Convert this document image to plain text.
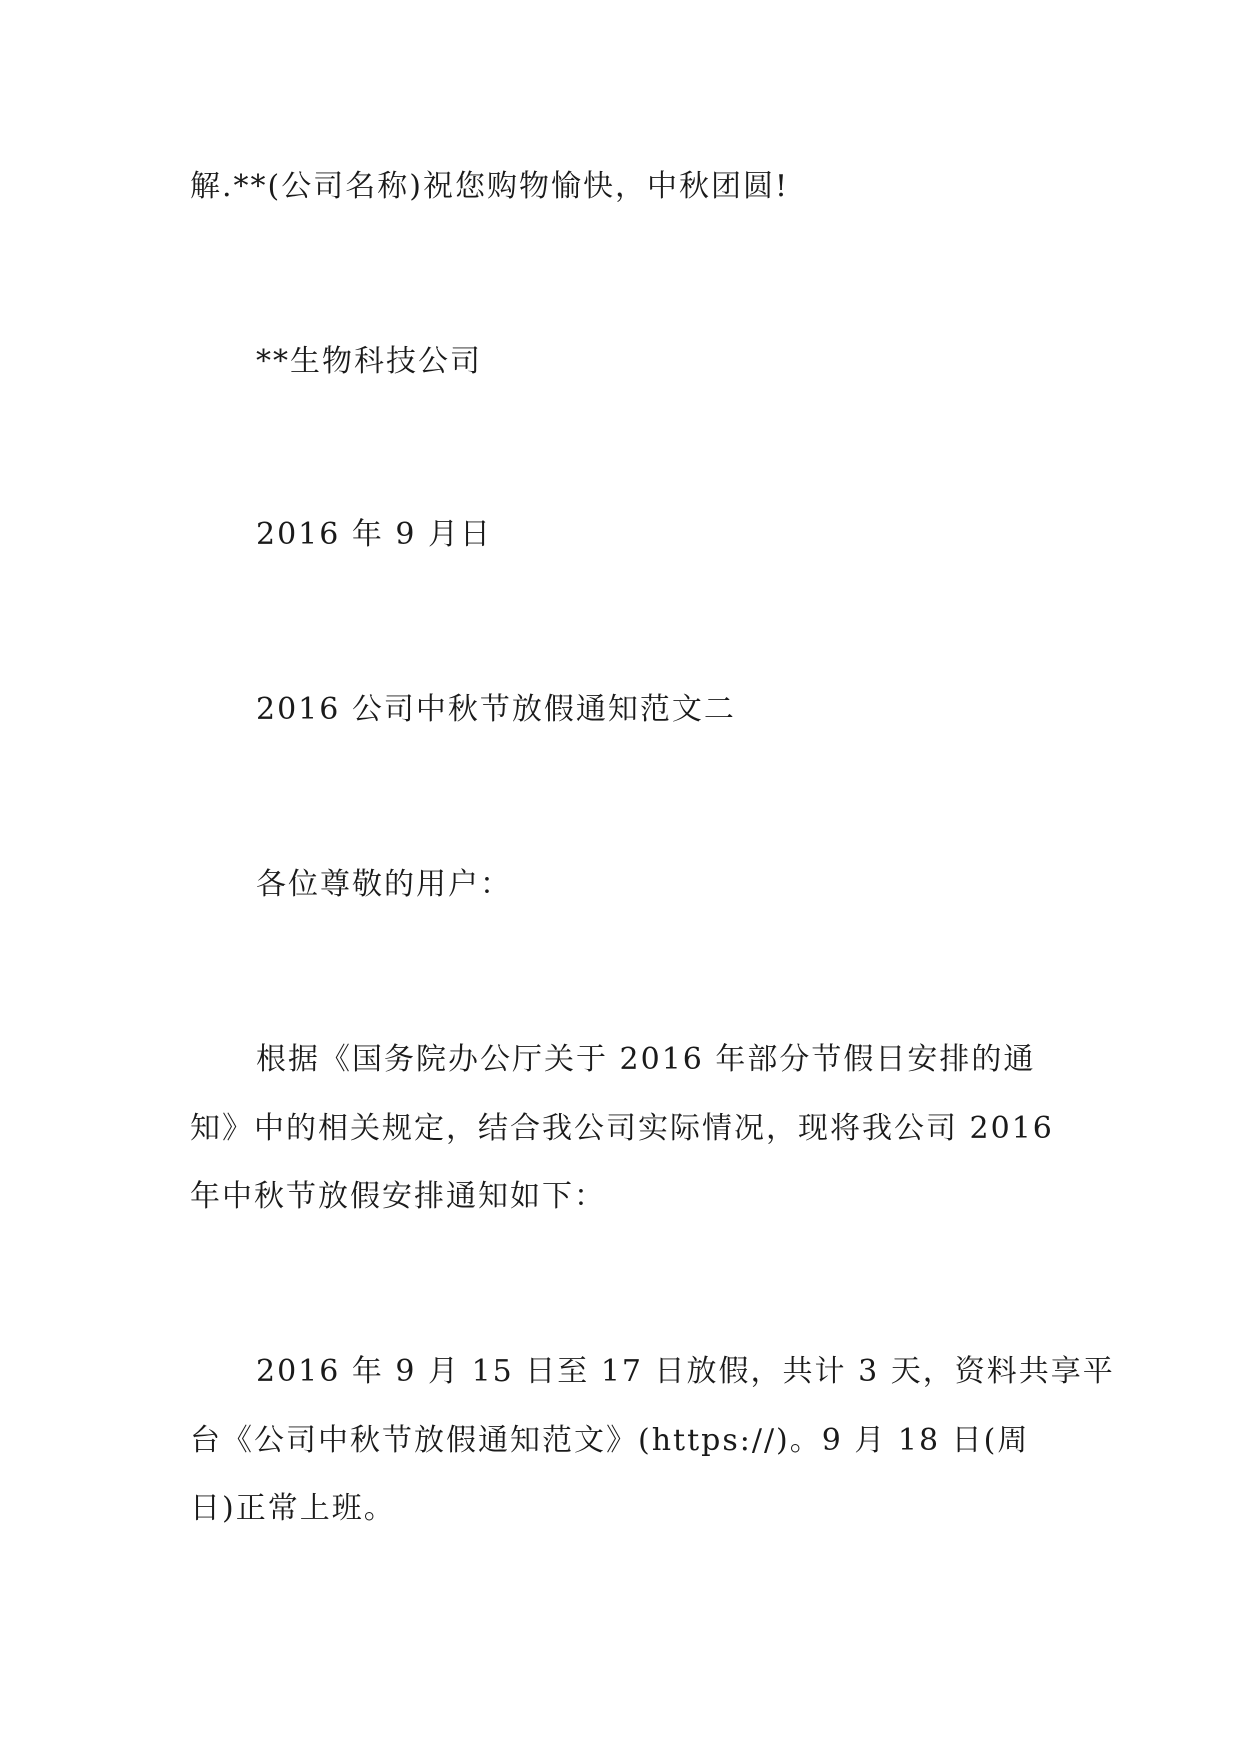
解.**(公司名称)祝您购物愉快，中秋团圆!
**生物科技公司
2016 年 9 月日
2016 公司中秋节放假通知范文二
各位尊敬的用户：
根据《国务院办公厅关于 2016 年部分节假日安排的通
知》中的相关规定，结合我公司实际情况，现将我公司 2016
年中秋节放假安排通知如下：
2016 年 9 月 15 日至 17 日放假，共计 3 天，资料共享平
台《公司中秋节放假通知范文》(https://)。9 月 18 日(周
日)正常上班。
